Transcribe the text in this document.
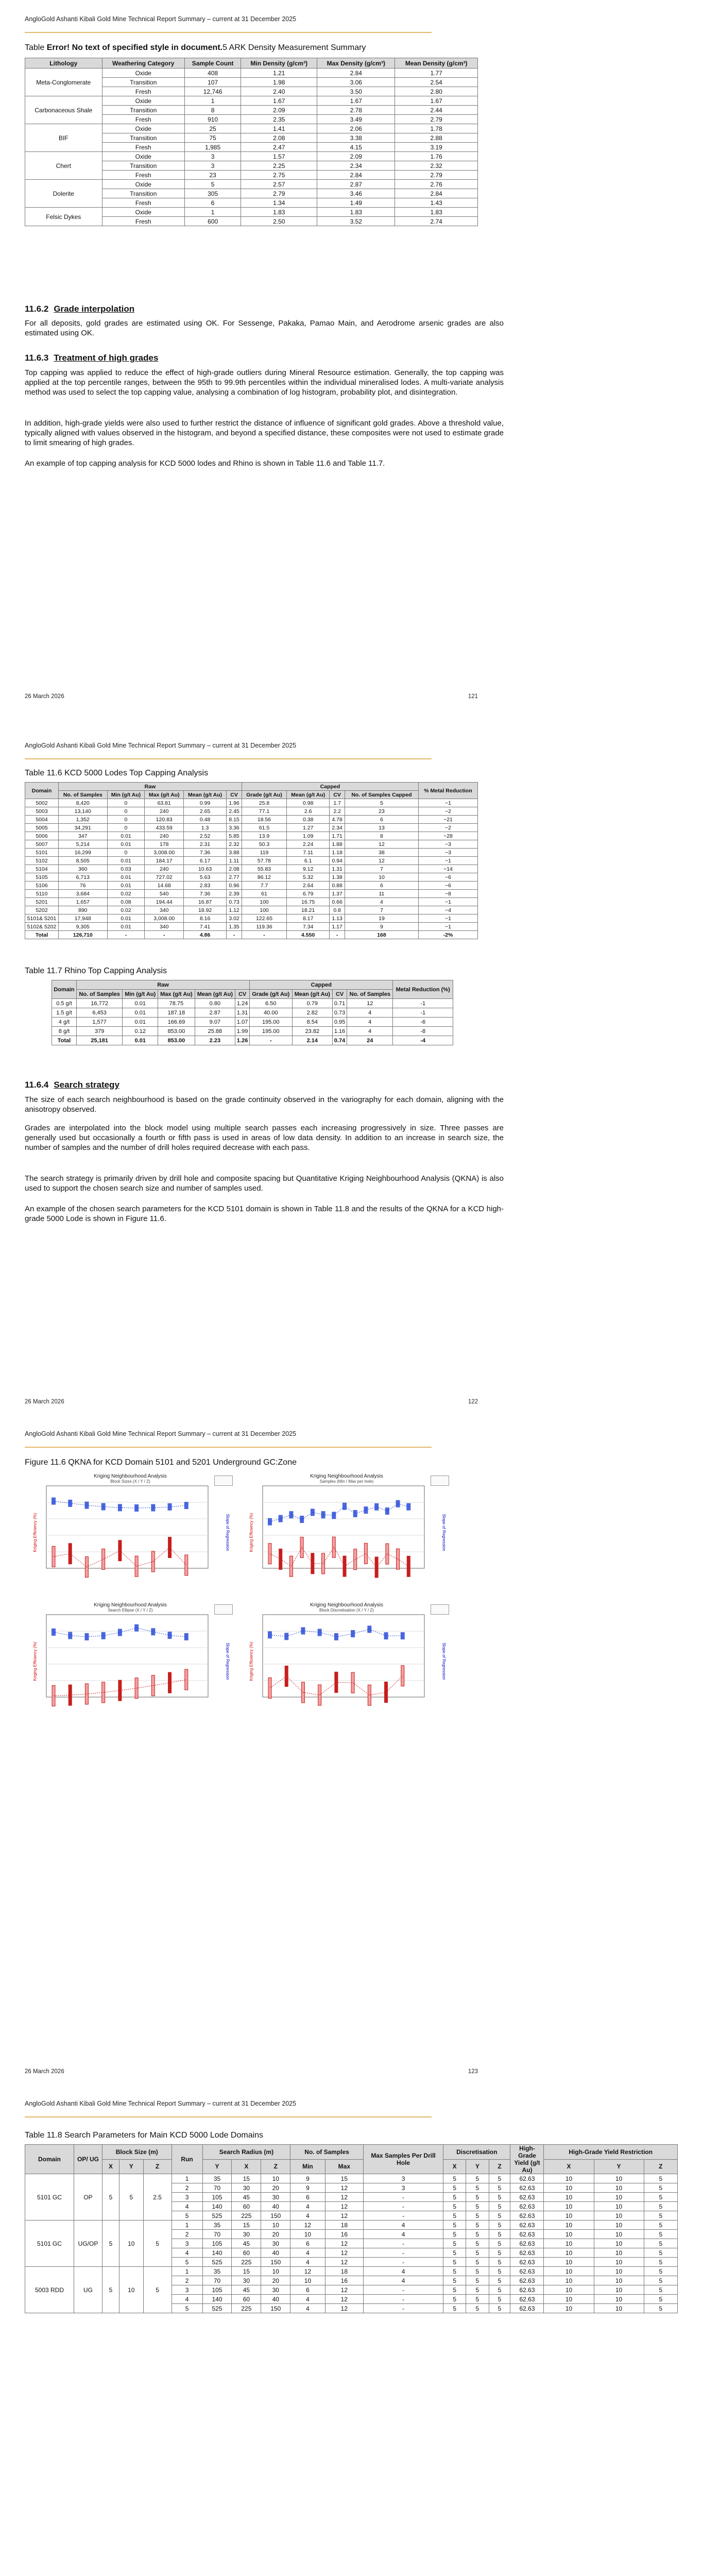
AngloGold Ashanti Kibali Gold Mine Technical Report Summary – current at 31 December 2025
Table Error! No text of specified style in document.5 ARK Density Measurement Summary
Lithology	Weathering Category	Sample Count	Min Density (g/cm³)	Max Density (g/cm³)	Mean Density (g/cm³)
Meta-Conglomerate	Oxide	408	1.21	2.84	1.77
	Transition	107	1.98	3.06	2.54
	Fresh	12,746	2.40	3.50	2.80
Carbonaceous Shale	Oxide	1	1.67	1.67	1.67
	Transition	8	2.09	2.78	2.44
	Fresh	910	2.35	3.49	2.79
BIF	Oxide	25	1.41	2.06	1.78
	Transition	75	2.08	3.38	2.88
	Fresh	1,985	2.47	4.15	3.19
Chert	Oxide	3	1.57	2.09	1.76
	Transition	3	2.25	2.34	2.32
	Fresh	23	2.75	2.84	2.79
Dolerite	Oxide	5	2.57	2.87	2.76
	Transition	305	2.79	3.46	2.84
	Fresh	6	1.34	1.49	1.43
Felsic Dykes	Oxide	1	1.83	1.83	1.83
	Fresh	600	2.50	3.52	2.74
11.6.2 Grade interpolation

For all deposits, gold grades are estimated using OK. For Sessenge, Pakaka, Pamao Main, and Aerodrome arsenic grades are also estimated using OK.

11.6.3 Treatment of high grades

Top capping was applied to reduce the effect of high-grade outliers during Mineral Resource estimation. Generally, the top capping was applied at the top percentile ranges, between the 95th to 99.9th percentiles within the individual mineralised lodes. A multi-variate analysis method was used to select the top capping value, analysing a combination of log histogram, probability plot, and disintegration.

In addition, high-grade yields were also used to further restrict the distance of influence of significant gold grades. Above a threshold value, typically aligned with values observed in the histogram, and beyond a specified distance, these composites were not used to estimate grade to limit smearing of high grades.

An example of top capping analysis for KCD 5000 lodes and Rhino is shown in Table 11.6 and Table 11.7.

26 March 2026	121
AngloGold Ashanti Kibali Gold Mine Technical Report Summary – current at 31 December 2025
Table 11.6 KCD 5000 Lodes Top Capping Analysis
Domain	Raw					Capped				% Metal Reduction
	No. of Samples	Min (g/t Au)	Max (g/t Au)	Mean (g/t Au)	CV	Grade (g/t Au)	Mean (g/t Au)	CV	No. of Samples Capped	
5002	8,420	0	63.81	0.99	1.96	25.8	0.98	1.7	5	−1
5003	13,140	0	240	2.65	2.45	77.1	2.6	2.2	23	−2
5004	1,352	0	120.83	0.48	8.15	18.56	0.38	4.78	6	−21
5005	34,291	0	433.59	1.3	3.36	61.5	1.27	2.34	13	−2
5006	347	0.01	240	2.52	5.85	13.9	1.09	1.71	8	−28
5007	5,214	0.01	178	2.31	2.32	50.3	2.24	1.88	12	−3
5101	16,299	0	3,008.00	7.36	3.88	119	7.11	1.18	38	−3
5102	8,505	0.01	184.17	6.17	1.11	57.78	6.1	0.94	12	−1
5104	360	0.03	240	10.63	2.08	55.83	9.12	1.31	7	−14
5105	6,713	0.01	727.02	5.63	2.77	86.12	5.32	1.38	10	−6
5106	76	0.01	14.68	2.83	0.96	7.7	2.64	0.88	6	−6
5110	3,684	0.02	540	7.36	2.39	61	6.79	1.37	11	−8
5201	1,657	0.08	194.44	16.87	0.73	100	16.75	0.66	4	−1
5202	890	0.02	340	18.92	1.12	100	18.21	0.8	7	−4
5101& 5201	17,948	0.01	3,008.00	8.16	3.02	122.65	8.17	1.13	19	−1
5102& 5202	9,305	0.01	340	7.41	1.35	119.36	7.34	1.17	9	−1
Total	126,710	-	-	4.86	-	-	4.550	-	168	-2%
Table 11.7 Rhino Top Capping Analysis
Domain	Raw					Capped				Metal Reduction (%)
	No. of Samples	Min (g/t Au)	Max (g/t Au)	Mean (g/t Au)	CV	Grade (g/t Au)	Mean (g/t Au)	CV	No. of Samples	
0.5 g/t	16,772	0.01	78.75	0.80	1.24	6.50	0.79	0.71	12	-1
1.5 g/t	6,453	0.01	187.18	2.87	1.31	40.00	2.82	0.73	4	-1
4 g/t	1,577	0.01	166.69	9.07	1.07	195.00	8.54	0.95	4	-6
8 g/t	379	0.12	853.00	25.88	1.99	195.00	23.82	1.16	4	-8
Total	25,181	0.01	853.00	2.23	1.26	-	2.14	0.74	24	-4
11.6.4 Search strategy

The size of each search neighbourhood is based on the grade continuity observed in the variography for each domain, aligning with the anisotropy observed.

Grades are interpolated into the block model using multiple search passes each increasing progressively in size. Three passes are generally used but occasionally a fourth or fifth pass is used in areas of low data density. In addition to an increase in search size, the number of samples and the number of drill holes required decrease with each pass.

The search strategy is primarily driven by drill hole and composite spacing but Quantitative Kriging Neighbourhood Analysis (QKNA) is also used to support the chosen search size and number of samples used.

An example of the chosen search parameters for the KCD 5101 domain is shown in Table 11.8 and the results of the QKNA for a KCD high-grade 5000 Lode is shown in Figure 11.6.

26 March 2026	122
AngloGold Ashanti Kibali Gold Mine Technical Report Summary – current at 31 December 2025
Figure 11.6 QKNA for KCD Domain 5101 and 5201 Underground GC:Zone
Kriging Neighbourhood Analysis
Block Sizes (X / Y / Z)
Kriging Efficiency (%)	Slope of Regression
Kriging Neighbourhood Analysis
Samples (Min / Max per hole)
Kriging Efficiency (%)	Slope of Regression
Kriging Neighbourhood Analysis
Search Ellipse (X / Y / Z)
Kriging Efficiency (%)	Slope of Regression
Kriging Neighbourhood Analysis
Block Discretisation (X / Y / Z)
Kriging Efficiency (%)	Slope of Regression
26 March 2026	123
AngloGold Ashanti Kibali Gold Mine Technical Report Summary – current at 31 December 2025
Table 11.8 Search Parameters for Main KCD 5000 Lode Domains
Domain	OP/ UG	Block Size (m)			Run	Search Radius (m)			No. of Samples		Max Samples Per Drill Hole	Discretisation			High-Grade Yield (g/t Au)	High-Grade Yield Restriction		
		X	Y	Z		Y	X	Z	Min	Max		X	Y	Z		X	Y	Z
5101 GC	OP	5	5	2.5	1	35	15	10	9	15	3	5	5	5	62.63	10	10	5
					2	70	30	20	9	12	3	5	5	5	62.63	10	10	5
					3	105	45	30	6	12	-	5	5	5	62.63	10	10	5
					4	140	60	40	4	12	-	5	5	5	62.63	10	10	5
					5	525	225	150	4	12	-	5	5	5	62.63	10	10	5
5101 GC	UG/OP	5	10	5	1	35	15	10	12	18	4	5	5	5	62.63	10	10	5
					2	70	30	20	10	16	4	5	5	5	62.63	10	10	5
					3	105	45	30	6	12	-	5	5	5	62.63	10	10	5
					4	140	60	40	4	12	-	5	5	5	62.63	10	10	5
					5	525	225	150	4	12	-	5	5	5	62.63	10	10	5
5003 RDD	UG	5	10	5	1	35	15	10	12	18	4	5	5	5	62.63	10	10	5
					2	70	30	20	10	16	4	5	5	5	62.63	10	10	5
					3	105	45	30	6	12	-	5	5	5	62.63	10	10	5
					4	140	60	40	4	12	-	5	5	5	62.63	10	10	5
					5	525	225	150	4	12	-	5	5	5	62.63	10	10	5
